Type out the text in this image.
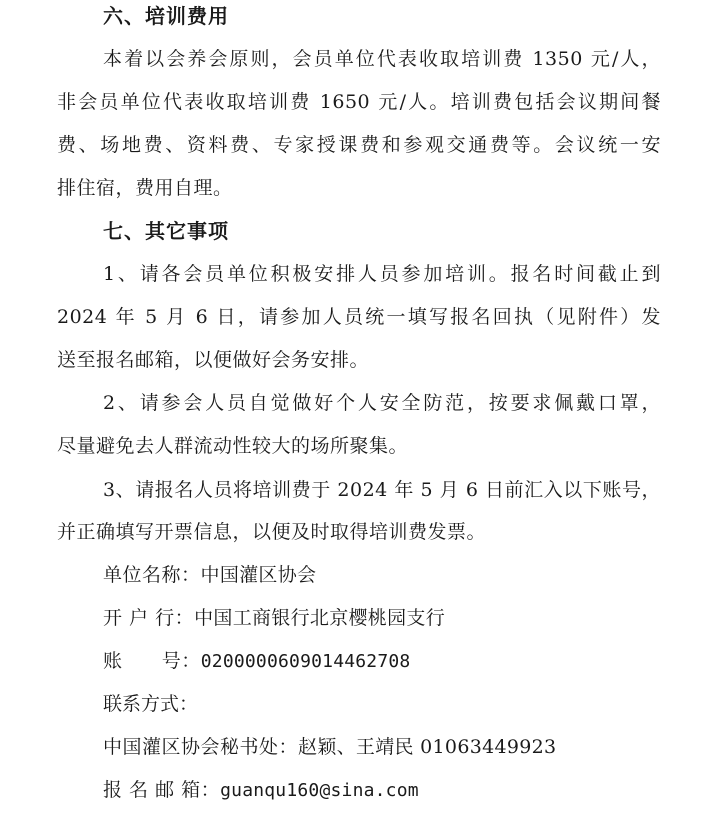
六、培训费用
本着以会养会原则，会员单位代表收取培训费 1350 元/人，
非会员单位代表收取培训费 1650 元/人。培训费包括会议期间餐
费、场地费、资料费、专家授课费和参观交通费等。会议统一安
排住宿，费用自理。
七、其它事项
1、请各会员单位积极安排人员参加培训。报名时间截止到
2024 年 5 月 6 日，请参加人员统一填写报名回执（见附件）发
送至报名邮箱，以便做好会务安排。
2、请参会人员自觉做好个人安全防范，按要求佩戴口罩，
尽量避免去人群流动性较大的场所聚集。
3、请报名人员将培训费于 2024 年 5 月 6 日前汇入以下账号，
并正确填写开票信息，以便及时取得培训费发票。
单位名称：中国灌区协会
开 户 行：中国工商银行北京樱桃园支行
账      号：0200000609014462708
联系方式：
中国灌区协会秘书处：赵颖、王靖民 01063449923
报 名 邮 箱：guanqu160@sina.com
